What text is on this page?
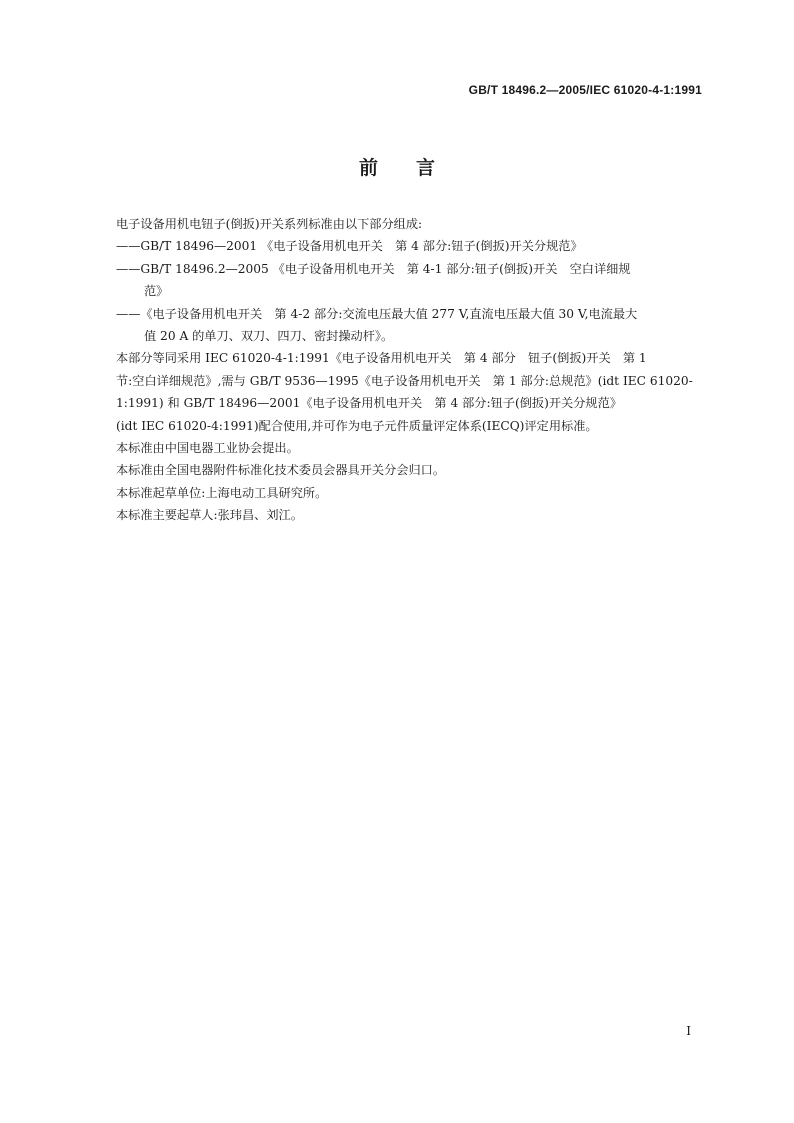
GB/T 18496.2—2005/IEC 61020-4-1:1991
前言

电子设备用机电钮子(倒扳)开关系列标准由以下部分组成:

——GB/T 18496—2001 《电子设备用机电开关　第 4 部分:钮子(倒扳)开关分规范》

——GB/T 18496.2—2005 《电子设备用机电开关　第 4-1 部分:钮子(倒扳)开关　空白详细规

范》

——《电子设备用机电开关　第 4-2 部分:交流电压最大值 277 V,直流电压最大值 30 V,电流最大

值 20 A 的单刀、双刀、四刀、密封操动杆》。

本部分等同采用 IEC 61020-4-1:1991《电子设备用机电开关　第 4 部分　钮子(倒扳)开关　第 1

节:空白详细规范》,需与 GB/T 9536—1995《电子设备用机电开关　第 1 部分:总规范》(idt IEC 61020-

1:1991) 和 GB/T 18496—2001《电子设备用机电开关　第 4 部分:钮子(倒扳)开关分规范》

(idt IEC 61020-4:1991)配合使用,并可作为电子元件质量评定体系(IECQ)评定用标准。

本标准由中国电器工业协会提出。

本标准由全国电器附件标准化技术委员会器具开关分会归口。

本标准起草单位:上海电动工具研究所。

本标准主要起草人:张玮昌、刘江。

I
